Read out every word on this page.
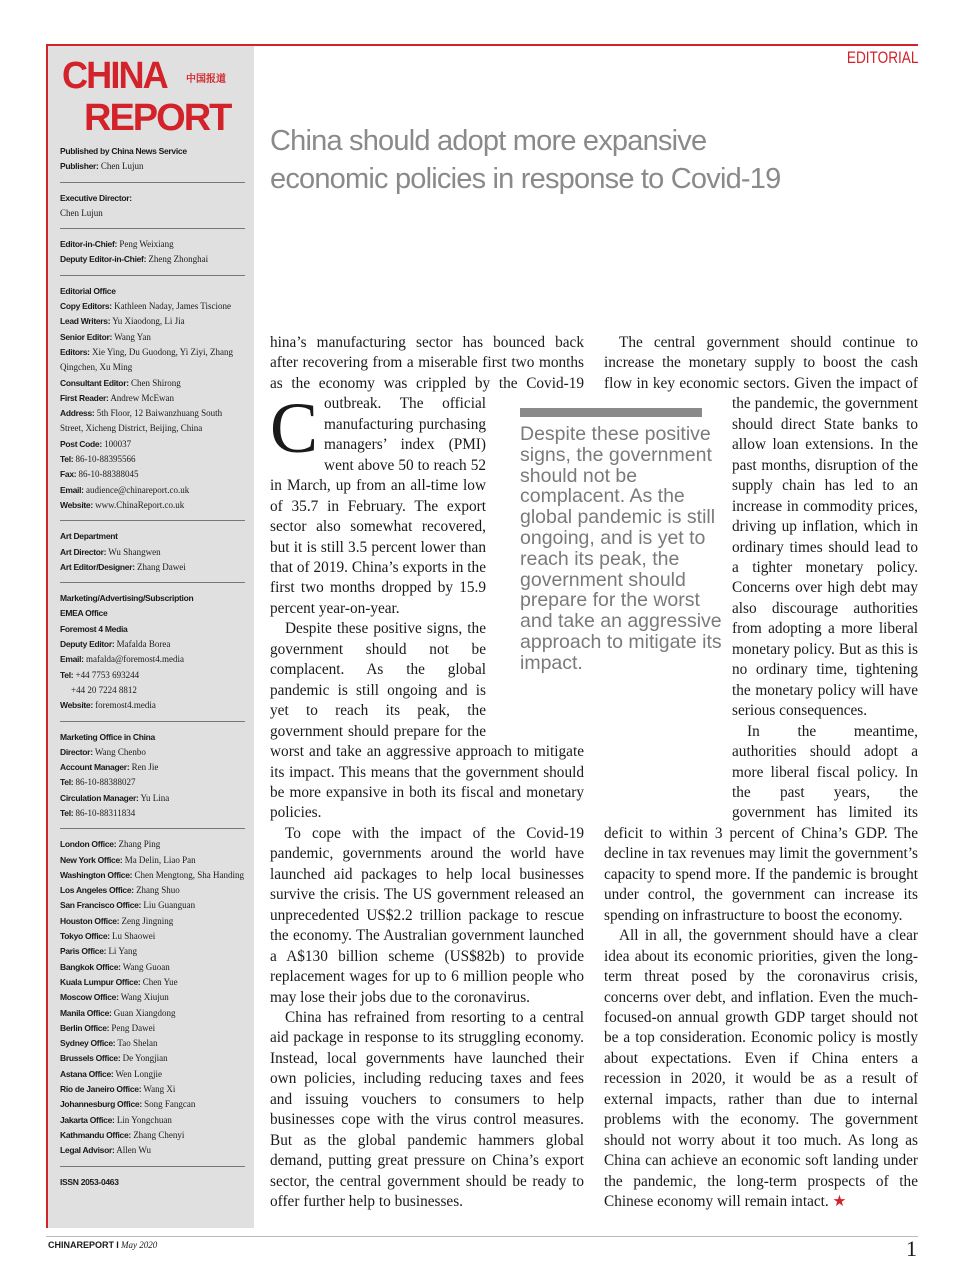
CHINA 中国报道
REPORT
Published by China News Service
Publisher: Chen Lujun
Executive Director:
Chen Lujun
Editor-in-Chief: Peng Weixiang
Deputy Editor-in-Chief: Zheng Zhonghai
Editorial Office
Copy Editors: Kathleen Naday, James Tiscione
Lead Writers: Yu Xiaodong, Li Jia
Senior Editor: Wang Yan
Editors: Xie Ying, Du Guodong, Yi Ziyi, Zhang Qingchen, Xu Ming
Consultant Editor: Chen Shirong
First Reader: Andrew McEwan
Address: 5th Floor, 12 Baiwanzhuang South Street, Xicheng District, Beijing, China
Post Code: 100037
Tel: 86-10-88395566
Fax: 86-10-88388045
Email: audience@chinareport.co.uk
Website: www.ChinaReport.co.uk
Art Department
Art Director: Wu Shangwen
Art Editor/Designer: Zhang Dawei
Marketing/Advertising/Subscription
EMEA Office
Foremost 4 Media
Deputy Editor: Mafalda Borea
Email: mafalda@foremost4.media
Tel: +44 7753 693244
+44 20 7224 8812
Website: foremost4.media
Marketing Office in China
Director: Wang Chenbo
Account Manager: Ren Jie
Tel: 86-10-88388027
Circulation Manager: Yu Lina
Tel: 86-10-88311834
London Office: Zhang Ping
New York Office: Ma Delin, Liao Pan
Washington Office: Chen Mengtong, Sha Handing
Los Angeles Office: Zhang Shuo
San Francisco Office: Liu Guanguan
Houston Office: Zeng Jingning
Tokyo Office: Lu Shaowei
Paris Office: Li Yang
Bangkok Office: Wang Guoan
Kuala Lumpur Office: Chen Yue
Moscow Office: Wang Xiujun
Manila Office: Guan Xiangdong
Berlin Office: Peng Dawei
Sydney Office: Tao Shelan
Brussels Office: De Yongjian
Astana Office: Wen Longjie
Rio de Janeiro Office: Wang Xi
Johannesburg Office: Song Fangcan
Jakarta Office: Lin Yongchuan
Kathmandu Office: Zhang Chenyi
Legal Advisor: Allen Wu
ISSN 2053-0463
EDITORIAL
China should adopt more expansive economic policies in response to Covid-19
C

hina’s manufacturing sector has bounced back after recovering from a miserable first two months as the economy was crippled by the Covid-19 outbreak. The official manufacturing purchasing managers’ index (PMI) went above 50 to reach 52 in March, up from an all-time low of 35.7 in February. The export sector also somewhat recovered, but it is still 3.5 percent lower than that of 2019. China’s exports in the first two months dropped by 15.9 percent year-on-year.

Despite these positive signs, the government should not be complacent. As the global pandemic is still ongoing and is yet to reach its peak, the government should prepare for the worst and take an aggressive approach to mitigate its impact. This means that the government should be more expansive in both its fiscal and monetary policies.

To cope with the impact of the Covid-19 pandemic, governments around the world have launched aid packages to help local businesses survive the crisis. The US government released an unprecedented US$2.2 trillion package to rescue the economy. The Australian government launched a A$130 billion scheme (US$82b) to provide replacement wages for up to 6 million people who may lose their jobs due to the coronavirus.

China has refrained from resorting to a central aid package in response to its struggling economy. Instead, local governments have launched their own policies, including reducing taxes and fees and issuing vouchers to consumers to help businesses cope with the virus control measures. But as the global pandemic hammers global demand, putting great pressure on China’s export sector, the central government should be ready to offer further help to businesses.

The central government should continue to increase the monetary supply to boost the cash flow in key economic sectors. Given the impact of the pandemic, the government should direct State banks to allow loan extensions. In the past months, disruption of the supply chain has led to an increase in commodity prices, driving up inflation, which in ordinary times should lead to a tighter monetary policy. Concerns over high debt may also discourage authorities from adopting a more liberal monetary policy. But as this is no ordinary time, tightening the monetary policy will have serious consequences.

In the meantime, authorities should adopt a more liberal fiscal policy. In the past years, the government has limited its deficit to within 3 percent of China’s GDP. The decline in tax revenues may limit the government’s capacity to spend more. If the pandemic is brought under control, the government can increase its spending on infrastructure to boost the economy.

All in all, the government should have a clear idea about its economic priorities, given the long-term threat posed by the coronavirus crisis, concerns over debt, and inflation. Even the much-focused-on annual growth GDP target should not be a top consideration. Economic policy is mostly about expectations. Even if China enters a recession in 2020, it would be as a result of external impacts, rather than due to internal problems with the economy. The government should not worry about it too much. As long as China can achieve an economic soft landing under the pandemic, the long-term prospects of the Chinese economy will remain intact. ★

Despite these positive signs, the government should not be complacent. As the global pandemic is still ongoing, and is yet to reach its peak, the government should prepare for the worst and take an aggressive approach to mitigate its impact.
CHINAREPORT I May 2020	1
